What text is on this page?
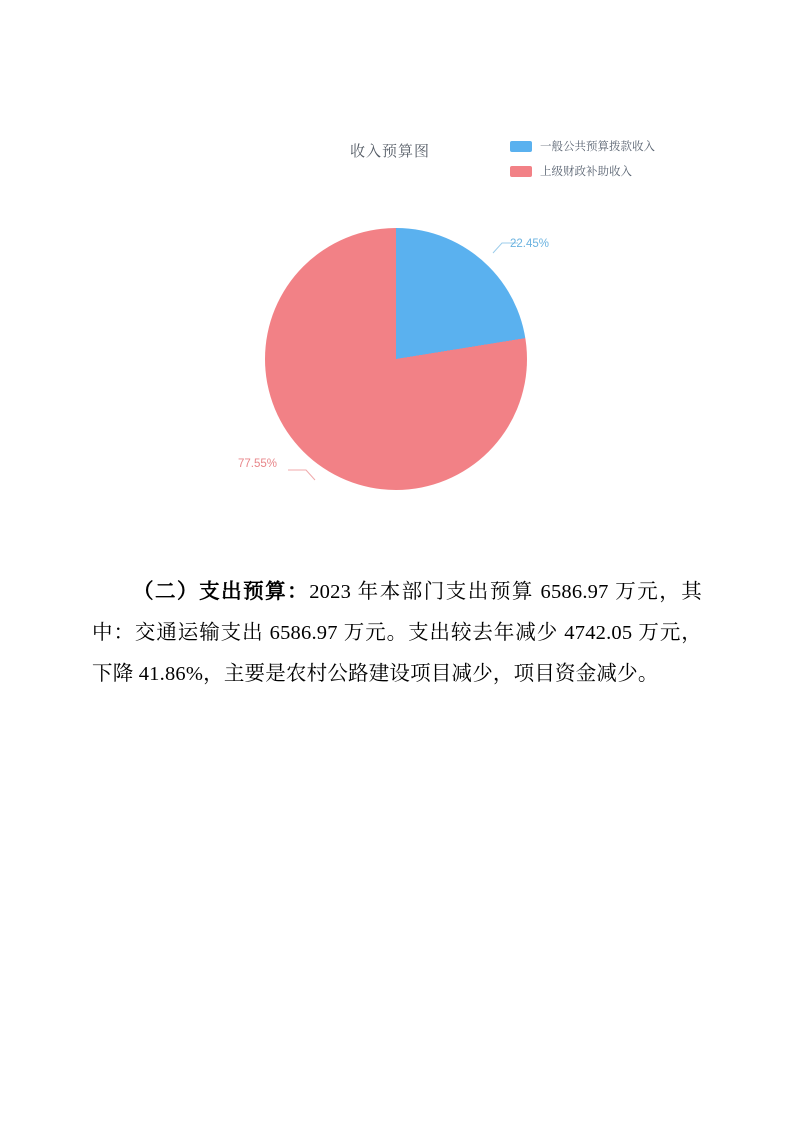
收入预算图	一般公共预算拨款收入
上级财政补助收入
22.45%
77.55%

（二）支出预算：2023 年本部门支出预算 6586.97 万元，其中：交通运输支出 6586.97 万元。支出较去年减少 4742.05 万元，下降 41.86%，主要是农村公路建设项目减少，项目资金减少。
